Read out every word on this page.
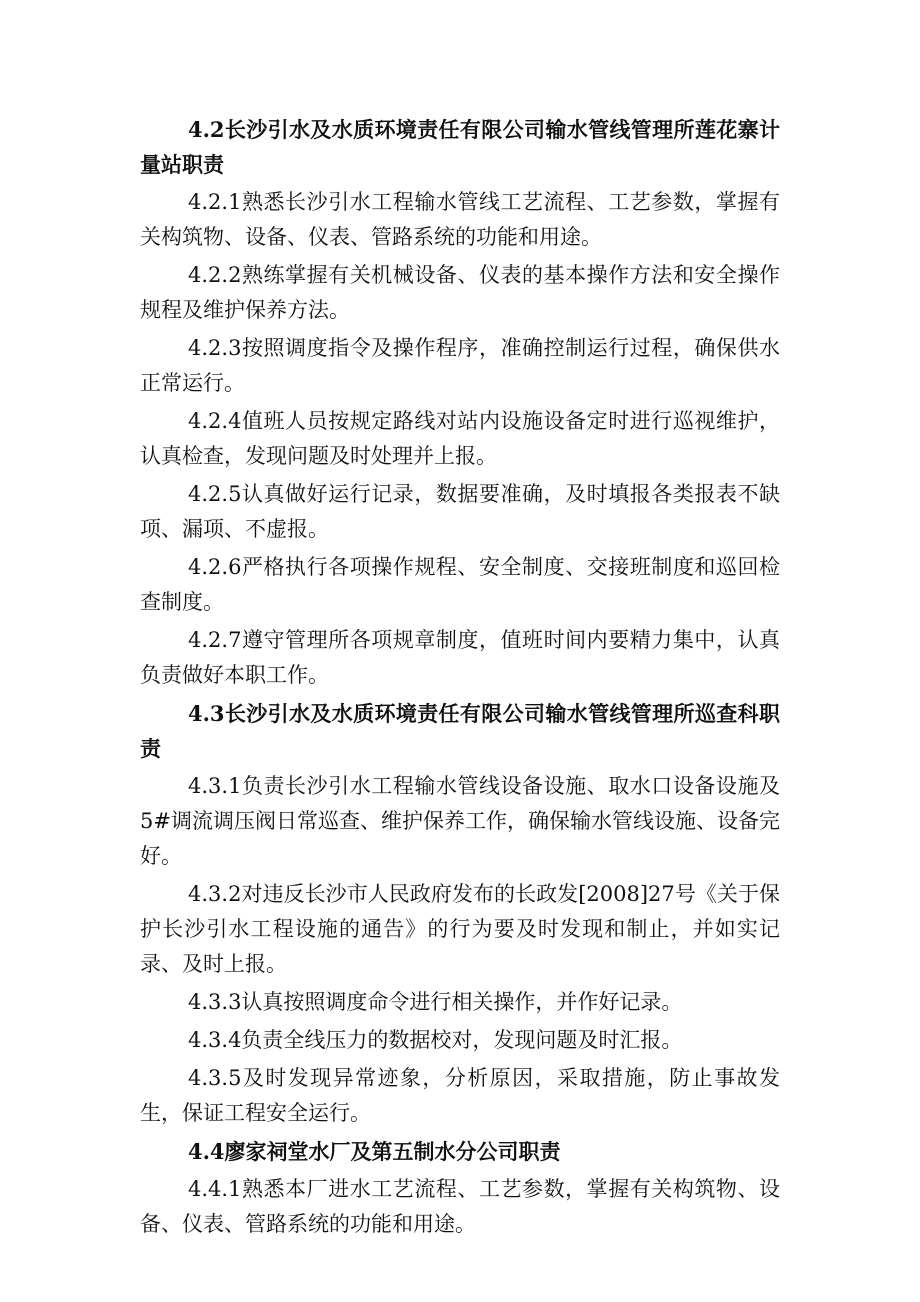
4.2长沙引水及水质环境责任有限公司输水管线管理所莲花寨计量站职责

4.2.1熟悉长沙引水工程输水管线工艺流程、工艺参数，掌握有关构筑物、设备、仪表、管路系统的功能和用途。

4.2.2熟练掌握有关机械设备、仪表的基本操作方法和安全操作规程及维护保养方法。

4.2.3按照调度指令及操作程序，准确控制运行过程，确保供水正常运行。

4.2.4值班人员按规定路线对站内设施设备定时进行巡视维护，认真检查，发现问题及时处理并上报。

4.2.5认真做好运行记录，数据要准确，及时填报各类报表不缺项、漏项、不虚报。

4.2.6严格执行各项操作规程、安全制度、交接班制度和巡回检查制度。

4.2.7遵守管理所各项规章制度，值班时间内要精力集中，认真负责做好本职工作。

4.3长沙引水及水质环境责任有限公司输水管线管理所巡查科职责

4.3.1负责长沙引水工程输水管线设备设施、取水口设备设施及5#调流调压阀日常巡查、维护保养工作，确保输水管线设施、设备完好。

4.3.2对违反长沙市人民政府发布的长政发[2008]27号《关于保护长沙引水工程设施的通告》的行为要及时发现和制止，并如实记录、及时上报。

4.3.3认真按照调度命令进行相关操作，并作好记录。

4.3.4负责全线压力的数据校对，发现问题及时汇报。

4.3.5及时发现异常迹象，分析原因，采取措施，防止事故发生，保证工程安全运行。

4.4廖家祠堂水厂及第五制水分公司职责

4.4.1熟悉本厂进水工艺流程、工艺参数，掌握有关构筑物、设备、仪表、管路系统的功能和用途。
